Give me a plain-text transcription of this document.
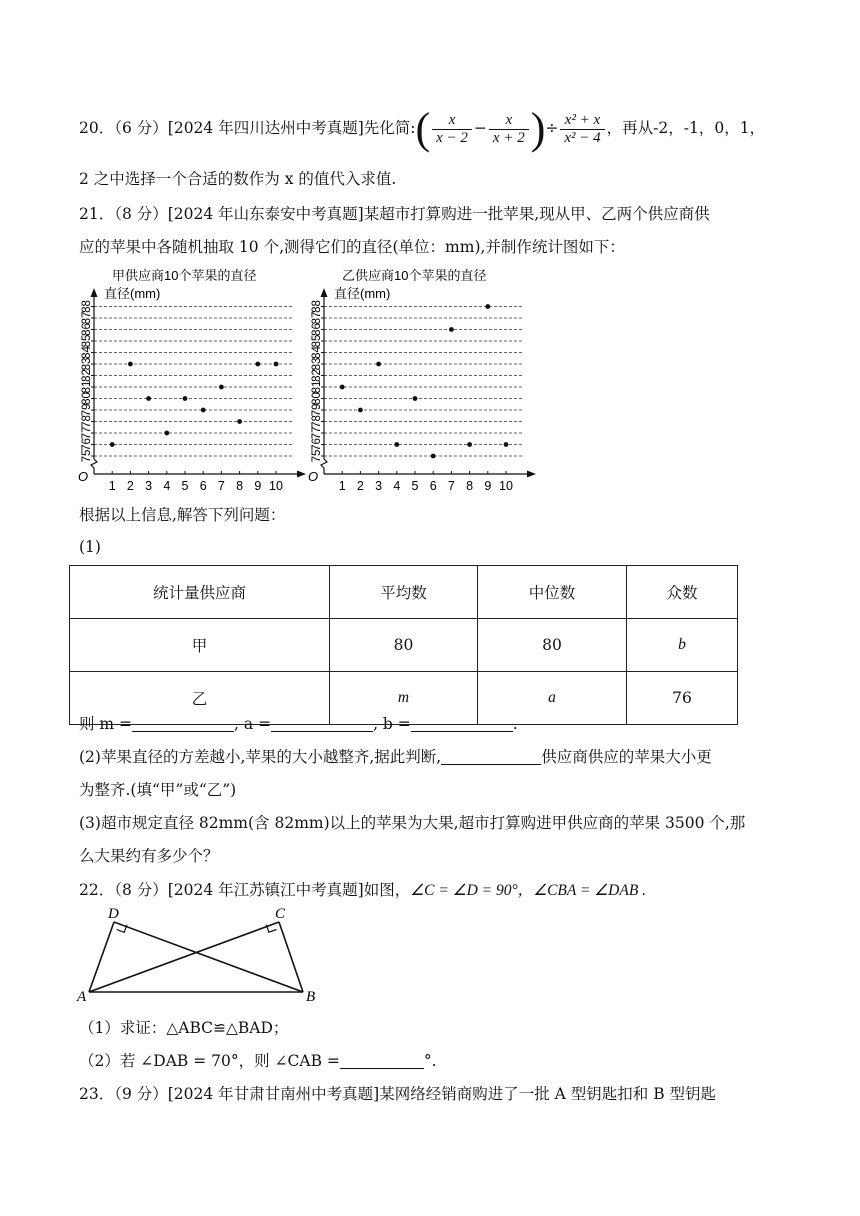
20．（6 分）[2024 年四川达州中考真题]先化简:( $\frac{x}{x - 2} - \frac{x}{x + 2}$ )÷ $\frac{\text{x² + x}}{\text{x² − 4}}$ ，再从-2，-1，0，1，
2 之中选择一个合适的数作为 x 的值代入求值.
21．（8 分）[2024 年山东泰安中考真题]某超市打算购进一批苹果,现从甲、乙两个供应商供
应的苹果中各随机抽取 10 个,测得它们的直径(单位：mm),并制作统计图如下：
甲供应商10个苹果的直径
直径(mm)
75
76
77
78
79
80
81
82
83
84
85
86
87
88
O
1 2 3 4 5 6 7 8 9 10
乙供应商10个苹果的直径
直径(mm)
75
76
77
78
79
80
81
82
83
84
85
86
87
88
O
1 2 3 4 5 6 7 8 9 10
根据以上信息,解答下列问题：
(1)
统计量供应商	平均数	中位数	众数
甲	80	80	b
乙	m	a	76
则 m =	, a =	, b =	.
(2)苹果直径的方差越小,苹果的大小越整齐,据此判断,	供应商供应的苹果大小更
为整齐.(填“甲”或“乙”)
(3)超市规定直径 82mm(含 82mm)以上的苹果为大果,超市打算购进甲供应商的苹果 3500 个,那
么大果约有多少个？
22．（8 分）[2024 年江苏镇江中考真题]如图，∠C = ∠D = 90°，∠CBA = ∠DAB .
D	C
A	B
（1）求证：△ABC≌△BAD；
（2）若 ∠DAB = 70°，则 ∠CAB =	°.
23．（9 分）[2024 年甘肃甘南州中考真题]某网络经销商购进了一批 A 型钥匙扣和 B 型钥匙
